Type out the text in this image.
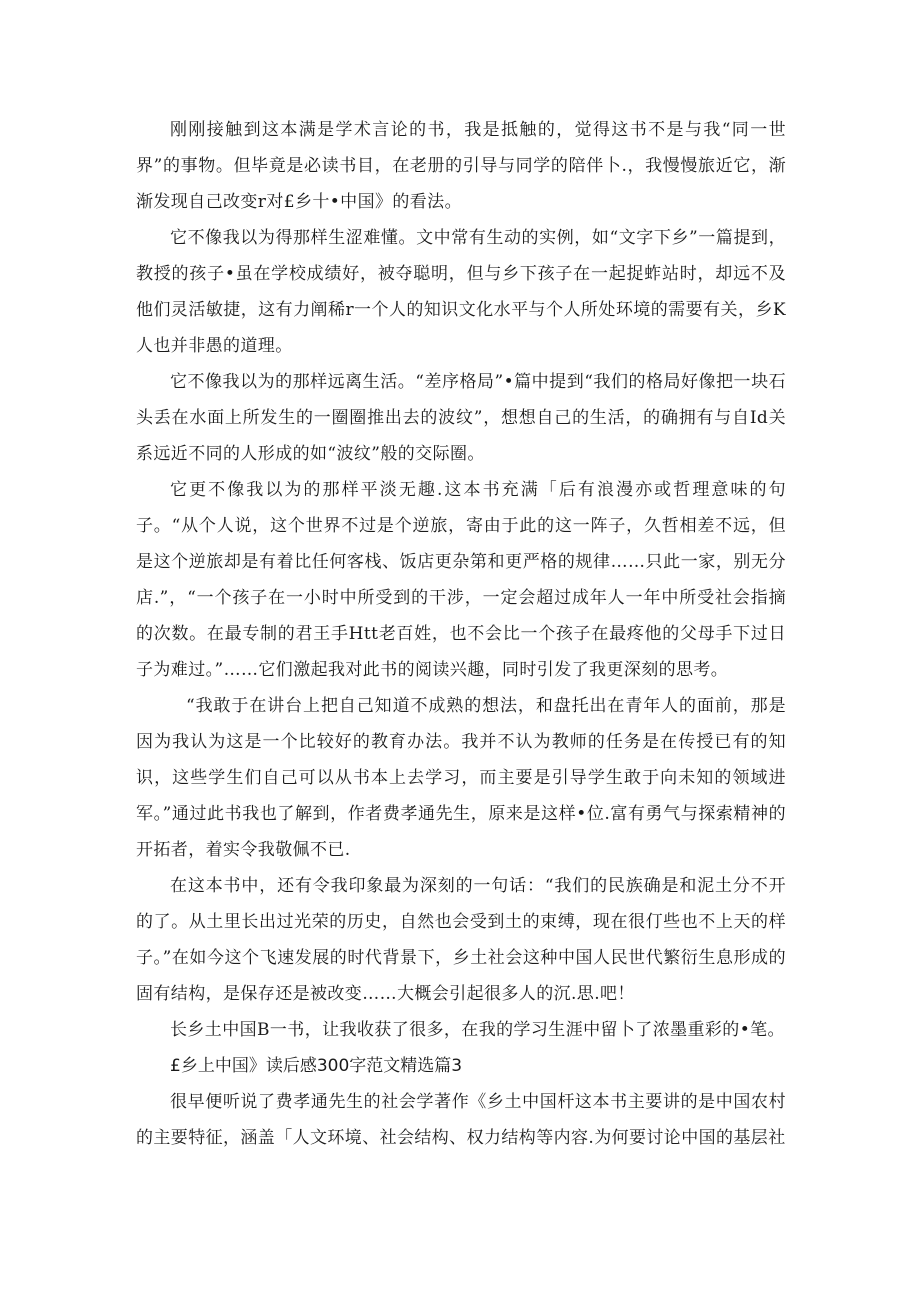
刚刚接触到这本满是学术言论的书，我是抵触的，觉得这书不是与我“同一世界”的事物。但毕竟是必读书目，在老册的引导与同学的陪伴卜.，我慢慢旅近它，渐渐发现自己改变r对£乡十•中国》的看法。

它不像我以为得那样生涩难懂。文中常有生动的实例，如“文字下乡”一篇提到，教授的孩子•虽在学校成绩好，被夺聪明，但与乡下孩子在一起捉蚱站时，却远不及他们灵活敏捷，这有力阐稀r一个人的知识文化水平与个人所处环境的需要有关，乡K人也并非愚的道理。

它不像我以为的那样远离生活。“差序格局”•篇中提到“我们的格局好像把一块石头丢在水面上所发生的一圈圈推出去的波纹”，想想自己的生活，的确拥有与自Id关系远近不同的人形成的如“波纹”般的交际圈。

它更不像我以为的那样平淡无趣.这本书充满「后有浪漫亦或哲理意味的句子。“从个人说，这个世界不过是个逆旅，寄由于此的这一阵子，久哲相差不远，但是这个逆旅却是有着比任何客栈、饭店更杂第和更严格的规律……只此一家，别无分店.”，“一个孩子在一小时中所受到的干涉，一定会超过成年人一年中所受社会指摘的次数。在最专制的君王手Htt老百姓，也不会比一个孩子在最疼他的父母手下过日子为难过。”……它们激起我对此书的阅读兴趣，同时引发了我更深刻的思考。

“我敢于在讲台上把自己知道不成熟的想法，和盘托出在青年人的面前，那是因为我认为这是一个比较好的教育办法。我并不认为教师的任务是在传授已有的知识，这些学生们自己可以从书本上去学习，而主要是引导学生敢于向未知的领域进军。”通过此书我也了解到，作者费孝通先生，原来是这样•位.富有勇气与探索精神的开拓者，着实令我敬佩不已.

在这本书中，还有令我印象最为深刻的一句话：“我们的民族确是和泥土分不开的了。从土里长出过光荣的历史，自然也会受到土的束缚，现在很仃些也不上天的样子。”在如今这个飞速发展的时代背景下，乡土社会这种中国人民世代繁衍生息形成的固有结构，是保存还是被改变……大概会引起很多人的沉.思.吧！

长乡土中国B一书，让我收获了很多，在我的学习生涯中留卜了浓墨重彩的•笔。

£乡上中国》读后感300字范文精选篇3

很早便听说了费孝通先生的社会学著作《乡土中国杆这本书主要讲的是中国农村的主要特征，涵盖「人文环境、社会结构、权力结构等内容.为何要讨论中国的基层社
